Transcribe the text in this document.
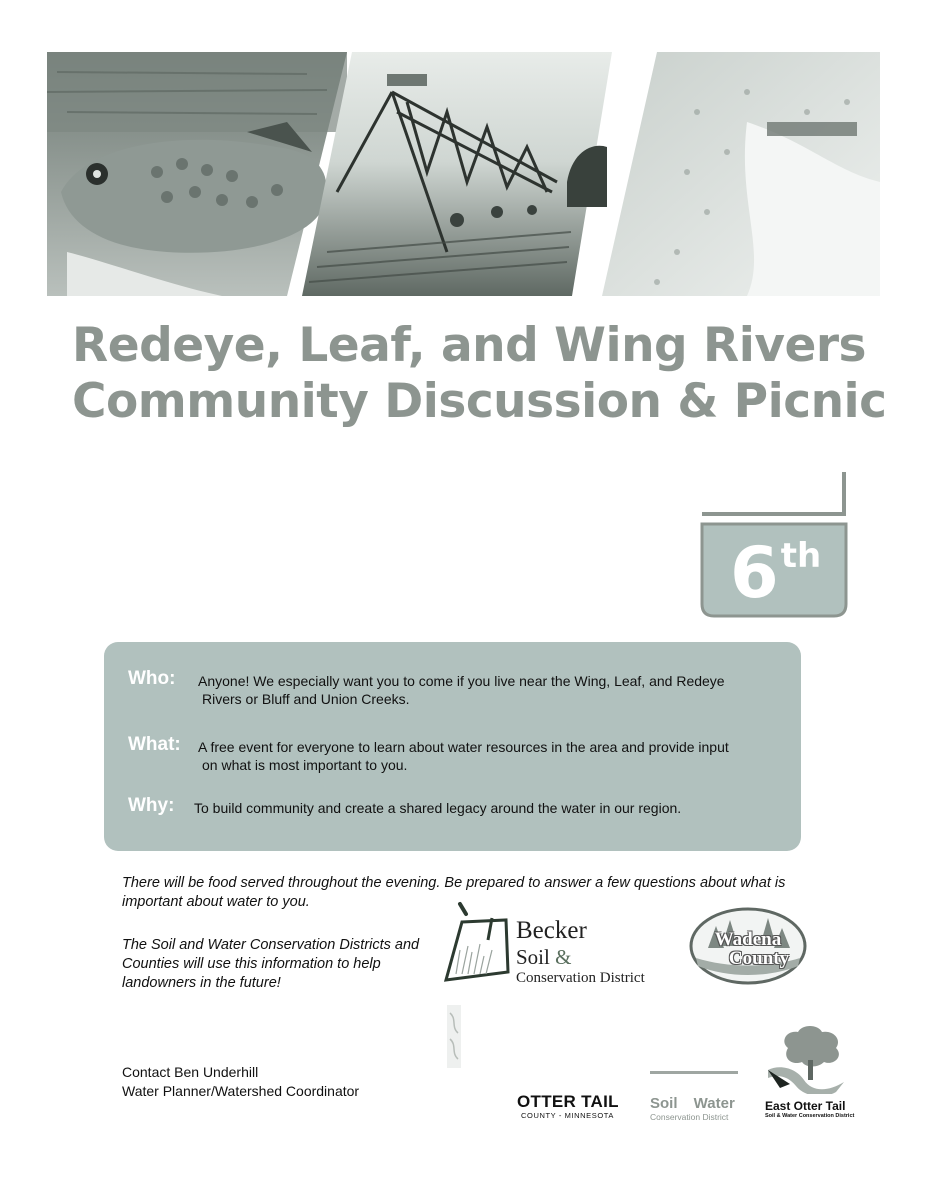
Redeye, Leaf, and Wing Rivers
Community Discussion & Picnic
6th
Who: Anyone! We especially want you to come if you live near the Wing, Leaf, and Redeye
Rivers or Bluff and Union Creeks.
What: A free event for everyone to learn about water resources in the area and provide input
on what is most important to you.
Why: To build community and create a shared legacy around the water in our region.
There will be food served throughout the evening. Be prepared to answer a few questions about what is important about water to you.
The Soil and Water Conservation Districts and Counties will use this information to help landowners in the future!
Becker
Soil &
Conservation District
Wadena
County
Contact Ben Underhill
Water Planner/Watershed Coordinator
OTTER TAIL
COUNTY - MINNESOTA
Soil Water
Conservation District
East Otter Tail
Soil & Water Conservation District
